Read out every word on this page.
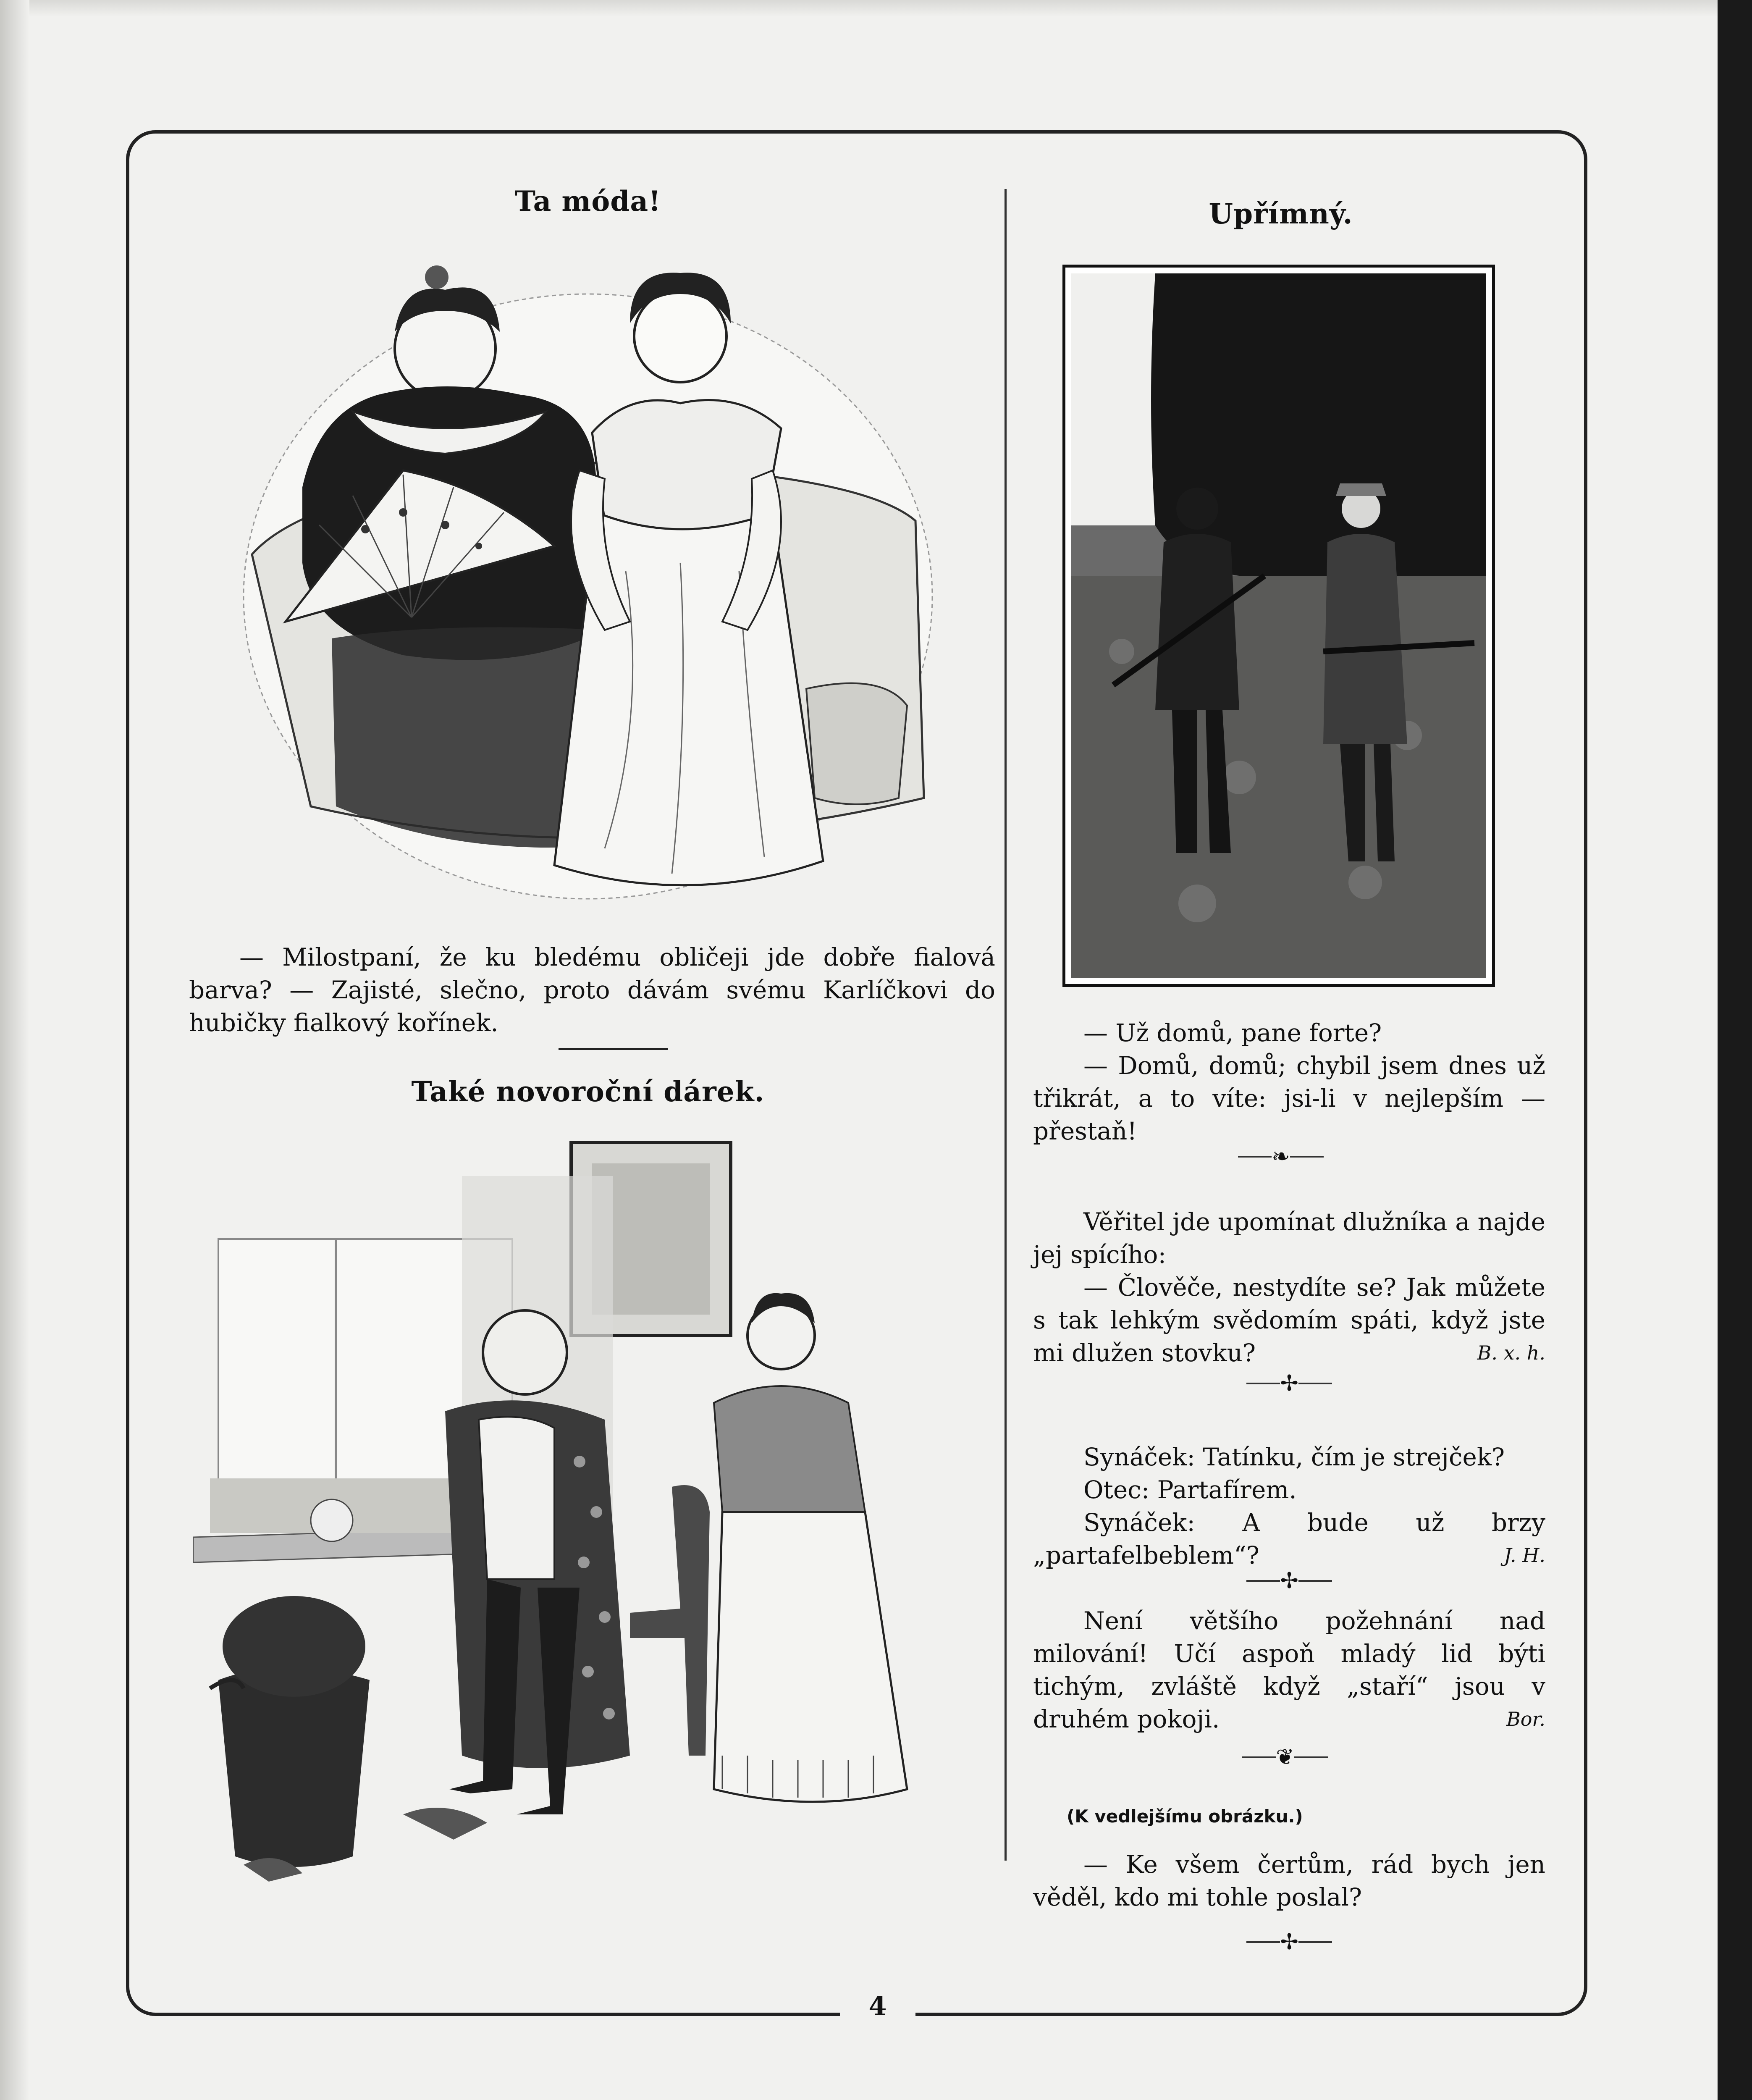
Ta móda!

— Milostpaní, že ku bledému obličeji jde dobře fialová barva? — Zajisté, slečno, proto dávám svému Karlíčkovi do hubičky fialkový kořínek.

Také novoroční dárek.
Upřímný.

— Už domů, pane forte?

— Domů, domů; chybil jsem dnes už třikrát, a to víte: jsi-li v nejlepším — přestaň!

❧

Věřitel jde upomínat dlužníka a najde jej spícího:

— Člověče, nestydíte se? Jak můžete s tak lehkým svědomím spáti, když jste mi dlužen stovku?	B. x. h.

✢

Synáček: Tatínku, čím je strejček?

Otec: Partafírem.

Synáček: A bude už brzy „partafelbeblem“?	J. H.

✢

Není většího požehnání nad milování! Učí aspoň mladý lid býti tichým, zvláště když „staří“ jsou v druhém pokoji.	Bor.

❦
(K vedlejšímu obrázku.)

— Ke všem čertům, rád bych jen věděl, kdo mi tohle poslal?

✢
4
